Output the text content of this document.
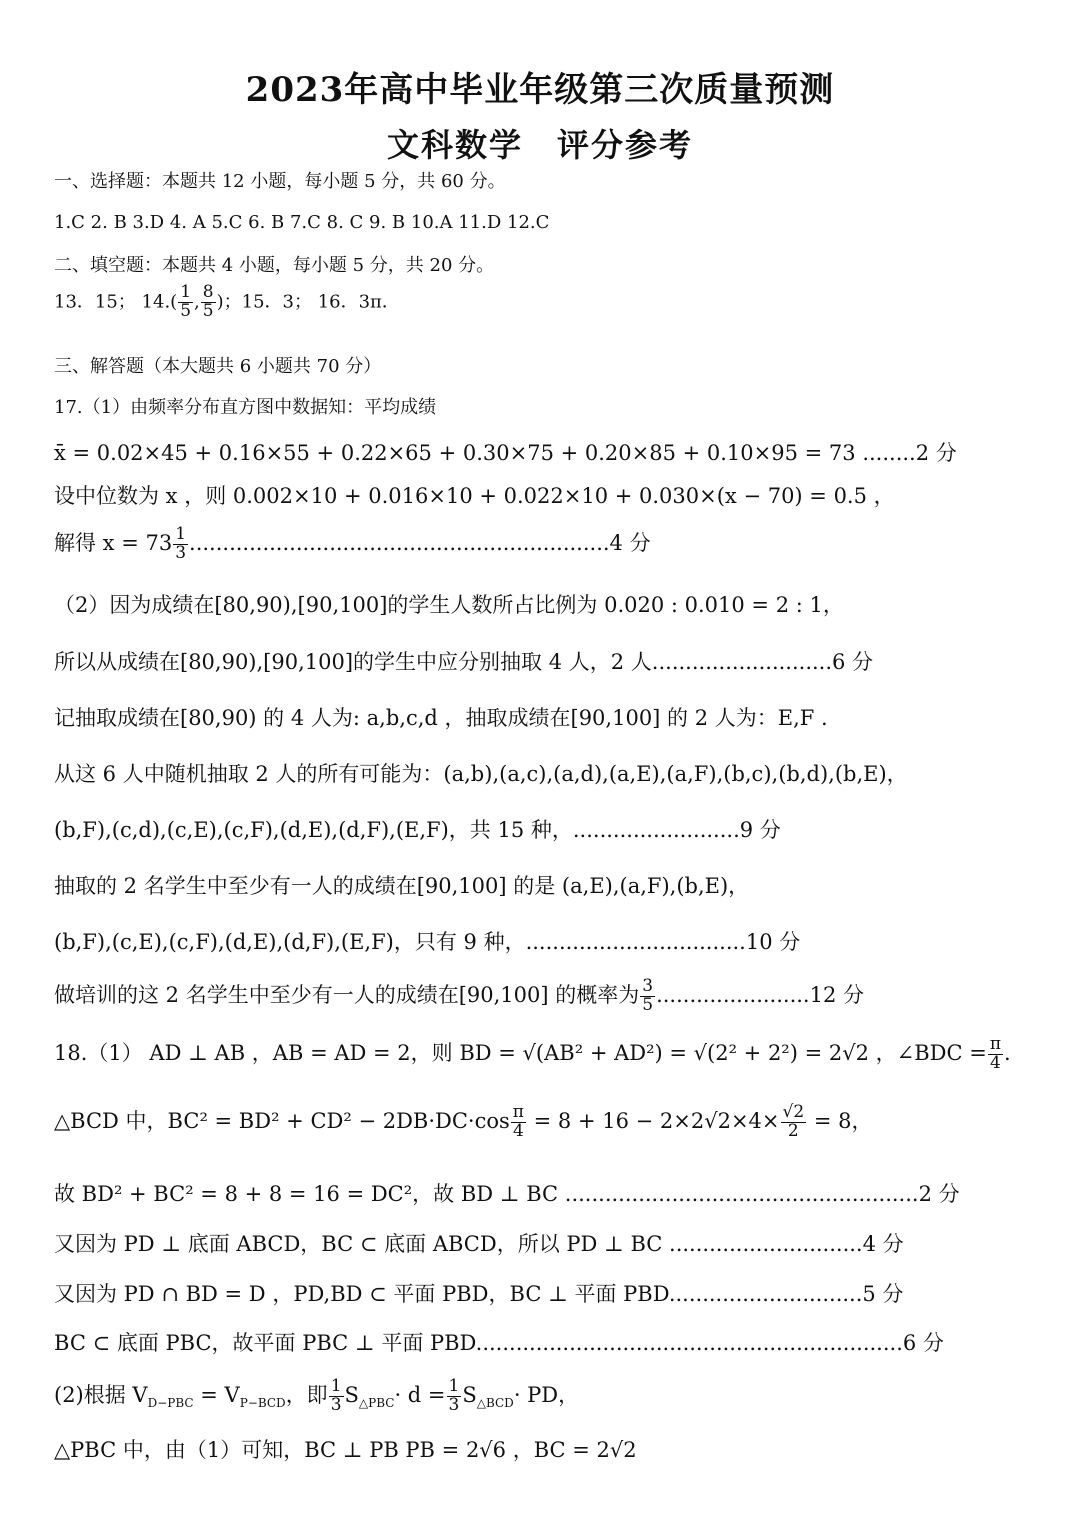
2023年高中毕业年级第三次质量预测
文科数学　评分参考
一、选择题：本题共 12 小题，每小题 5 分，共 60 分。
1.C 2. B 3.D 4. A 5.C 6. B 7.C 8. C 9. B 10.A 11.D 12.C
二、填空题：本题共 4 小题，每小题 5 分，共 20 分。
13．15； $14.( \frac{1}{5}$ , $\frac{8}{5}$ )；15．3； 16．3π．
三、解答题（本大题共 6 小题共 70 分）
17.（1）由频率分布直方图中数据知：平均成绩
x̄ = 0.02×45 + 0.16×55 + 0.22×65 + 0.30×75 + 0.20×85 + 0.10×95 = 73 ........2 分
设中位数为 x ，则 0.002×10 + 0.016×10 + 0.022×10 + 0.030×(x − 70) = 0.5 ，
解得 $x = 73 \frac{1}{3} ...............................................................4$ 分
（2）因为成绩在[80,90),[90,100]的学生人数所占比例为 0.020 : 0.010 = 2 : 1，
所以从成绩在[80,90),[90,100]的学生中应分别抽取 4 人，2 人...........................6 分
记抽取成绩在[80,90) 的 4 人为: a,b,c,d ，抽取成绩在[90,100] 的 2 人为：E,F .
从这 6 人中随机抽取 2 人的所有可能为：(a,b),(a,c),(a,d),(a,E),(a,F),(b,c),(b,d),(b,E)，
(b,F),(c,d),(c,E),(c,F),(d,E),(d,F),(E,F)，共 15 种，.........................9 分
抽取的 2 名学生中至少有一人的成绩在[90,100] 的是 (a,E),(a,F),(b,E)，
(b,F),(c,E),(c,F),(d,E),(d,F),(E,F)，只有 9 种，.................................10 分
做培训的这 2 名学生中至少有一人的成绩在[90,100] 的概率为 $\frac{3}{5} .......................12$ 分
18.（1） AD ⊥ AB ，AB = AD = 2，则 BD = √(AB² + AD²) = √(2² + 2²) = 2√2 ，∠BDC = $\frac{\pi}{4}$ .
△BCD 中，$BC^2 = BD^2 + CD^2 - 2DB\cdot DC\cdot\cos \frac{\pi}{4} = 8 + 16 - 2\times 2√2\times 4\times \frac{√2}{2} = 8$，
故 BD² + BC² = 8 + 8 = 16 = DC²，故 BD ⊥ BC .....................................................2 分
又因为 PD ⊥ 底面 ABCD，BC ⊂ 底面 ABCD，所以 PD ⊥ BC .............................4 分
又因为 PD ∩ BD = D ，PD,BD ⊂ 平面 PBD，BC ⊥ 平面 PBD.............................5 分
BC ⊂ 底面 PBC，故平面 PBC ⊥ 平面 PBD................................................................6 分
(2)根据 $V_{D-PBC} = V_{P-BCD}$，即 $\frac{1}{3} S_{\triangle PBC}\cdot d = \frac{1}{3} S_{\triangle BCD}\cdot$ PD，
△PBC 中，由（1）可知，BC ⊥ PB PB = 2√6 ，BC = 2√2
